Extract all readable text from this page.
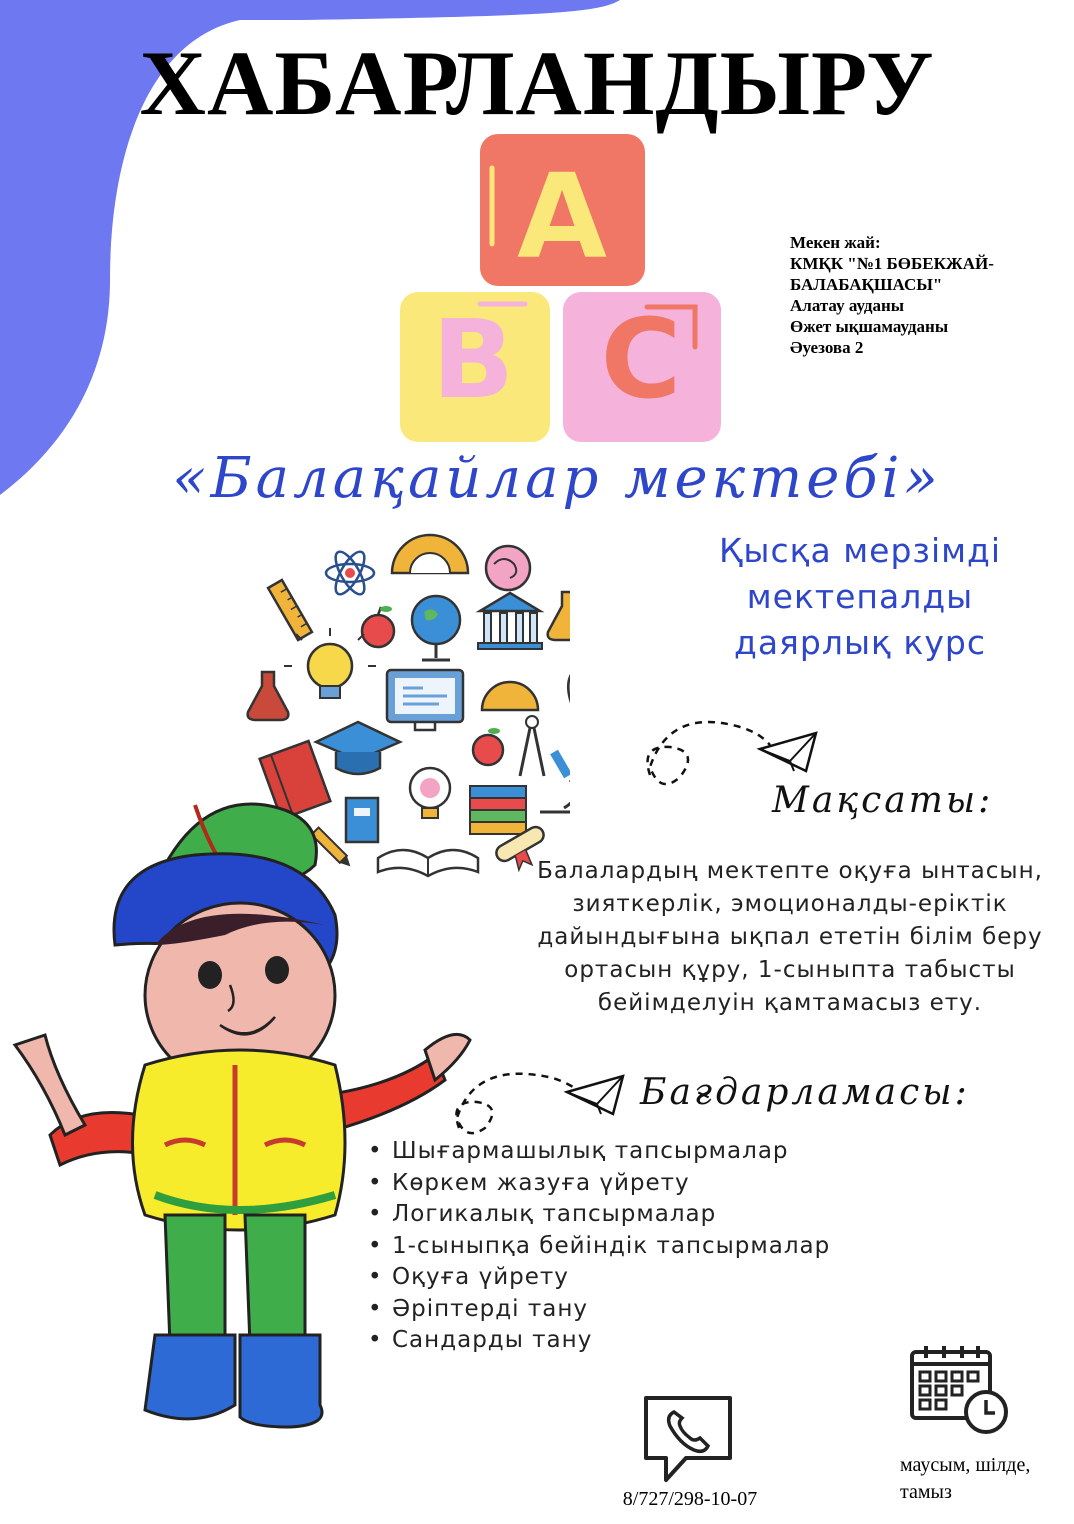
ХАБАРЛАНДЫРУ
A
B C
Мекен жай:
КМҚК "№1 БӨБЕКЖАЙ-
БАЛАБАҚШАСЫ"
Алатау ауданы
Өжет ықшамауданы
Әуезова 2
«Балақайлар мектебі»
Қысқа мерзімді
мектепалды
даярлық курс
Мақсаты:
Балалардың мектепте оқуға ынтасын,
зияткерлік, эмоционалды-еріктік
дайындығына ықпал ететін білім беру
ортасын құру, 1-сыныпта табысты
бейімделуін қамтамасыз ету.
Бағдарламасы:
• Шығармашылық тапсырмалар
• Көркем жазуға үйрету
• Логикалық тапсырмалар
• 1-сыныпқа бейіндік тапсырмалар
• Оқуға үйрету
• Әріптерді тану
• Сандарды тану
8/727/298-10-07
маусым, шілде,
тамыз
